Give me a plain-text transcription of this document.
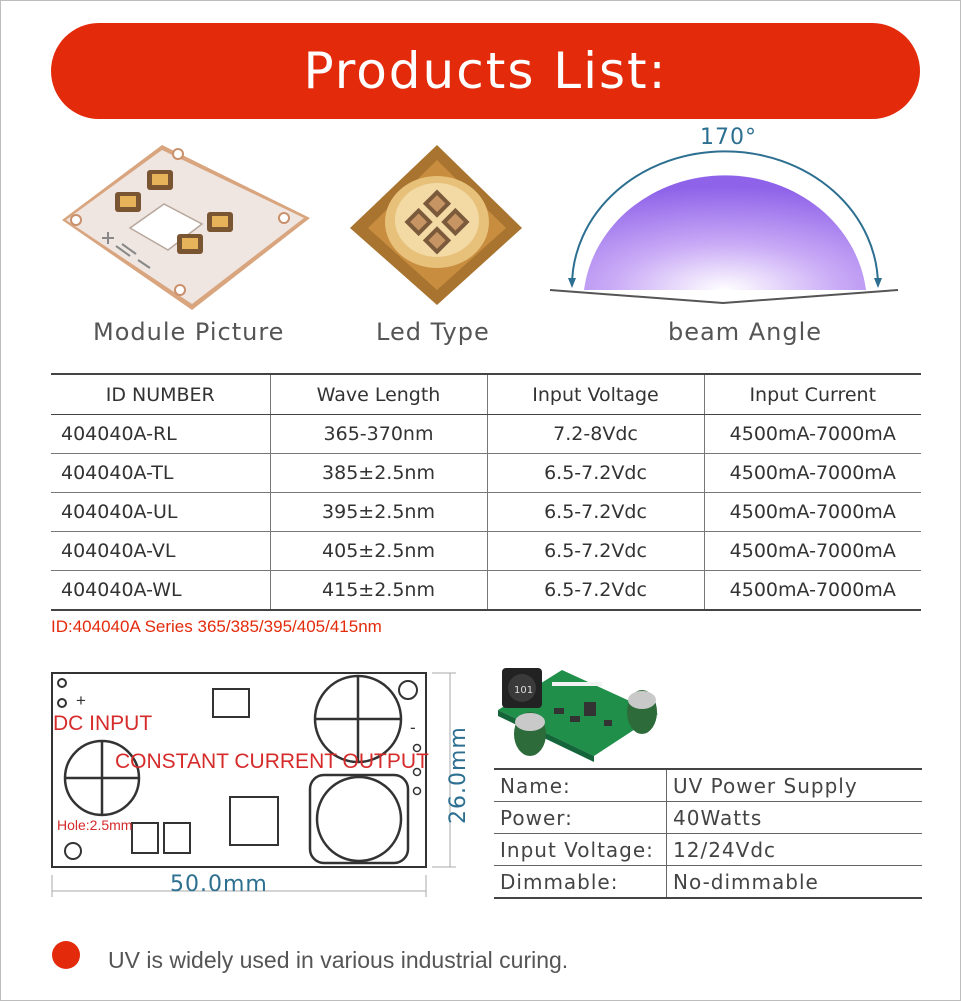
Products List:
170°
Module Picture	Led Type	beam Angle
ID NUMBER	Wave Length	Input Voltage	Input Current
404040A-RL	365-370nm	7.2-8Vdc	4500mA-7000mA
404040A-TL	385±2.5nm	6.5-7.2Vdc	4500mA-7000mA
404040A-UL	395±2.5nm	6.5-7.2Vdc	4500mA-7000mA
404040A-VL	405±2.5nm	6.5-7.2Vdc	4500mA-7000mA
404040A-WL	415±2.5nm	6.5-7.2Vdc	4500mA-7000mA
ID:404040A Series 365/385/395/405/415nm
+
-
DC INPUT
CONSTANT CURRENT OUTPUT
Hole:2.5mm
26.0mm
50.0mm
101
Name:	UV Power Supply
Power:	40Watts
Input Voltage:	12/24Vdc
Dimmable:	No-dimmable
UV is widely used in various industrial curing.
